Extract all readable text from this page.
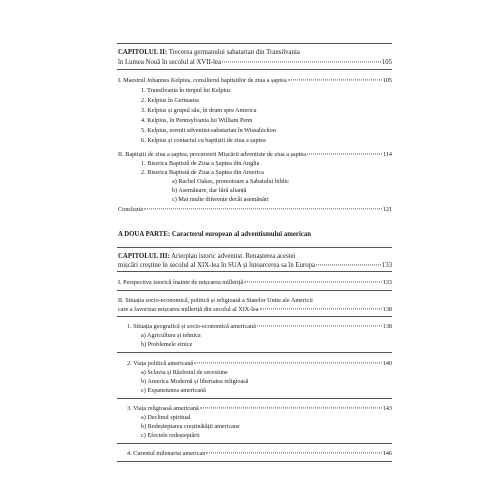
CAPITOLUL II: Trecerea germanului sabatarian din Transilvania
în Lumea Nouă în secolul al XVII-lea	105
I. Maestrul Johannes Kelpius, consilierul baptiștilor de ziua a șaptea	105
1. Transilvania în timpul lui Kelpius
2. Kelpius în Germania
3. Kelpius și grupul său, în drum spre America
4. Kelpius, în Pennsylvania lui William Penn
5. Kelpius, eremit adventist-sabatarian în Wissahickon
6. Kelpius și contactul cu baptiștii de ziua a șaptea
II. Baptiștii de ziua a șaptea, precursorii Mișcării adventiste de ziua a șaptea	114
1. Biserica Baptistă de Ziua a Șaptea din Anglia
2. Biserica Baptistă de Ziua a Șaptea din America
a) Rachel Oakes, promotoare a Sabatului biblic
b) Asemănare, dar fără alianță
c) Mai multe diferențe decât asemănări
Concluzie	121
A DOUA PARTE: Caracterul european al adventismului american
CAPITOLUL III: Arierplan istoric adventist. Renașterea acestei
mișcări creștine în secolul al XIX-lea în SUA și întoarcerea sa în Europa	133
I. Perspectiva istorică înainte de mișcarea milleriță	133
II. Situația socio-economică, politică și religioasă a Statelor Unite ale Americii
care a favorizat mișcarea milleriță din secolul al XIX-lea	138
1. Situația geografică și socio-economică americană	138
a) Agricultura și tehnica
b) Problemele etnice
2. Viața politică americană	140
a) Sclavia și Războiul de secesiune
b) America Modernă și libertatea religioasă
c) Expansiunea americană
3. Viața religioasă americană	143
a) Declinul spiritual
b) Redeșteptarea creștinătății americane
c) Efectele redeșteptării
4. Curentul milenarist american	146
